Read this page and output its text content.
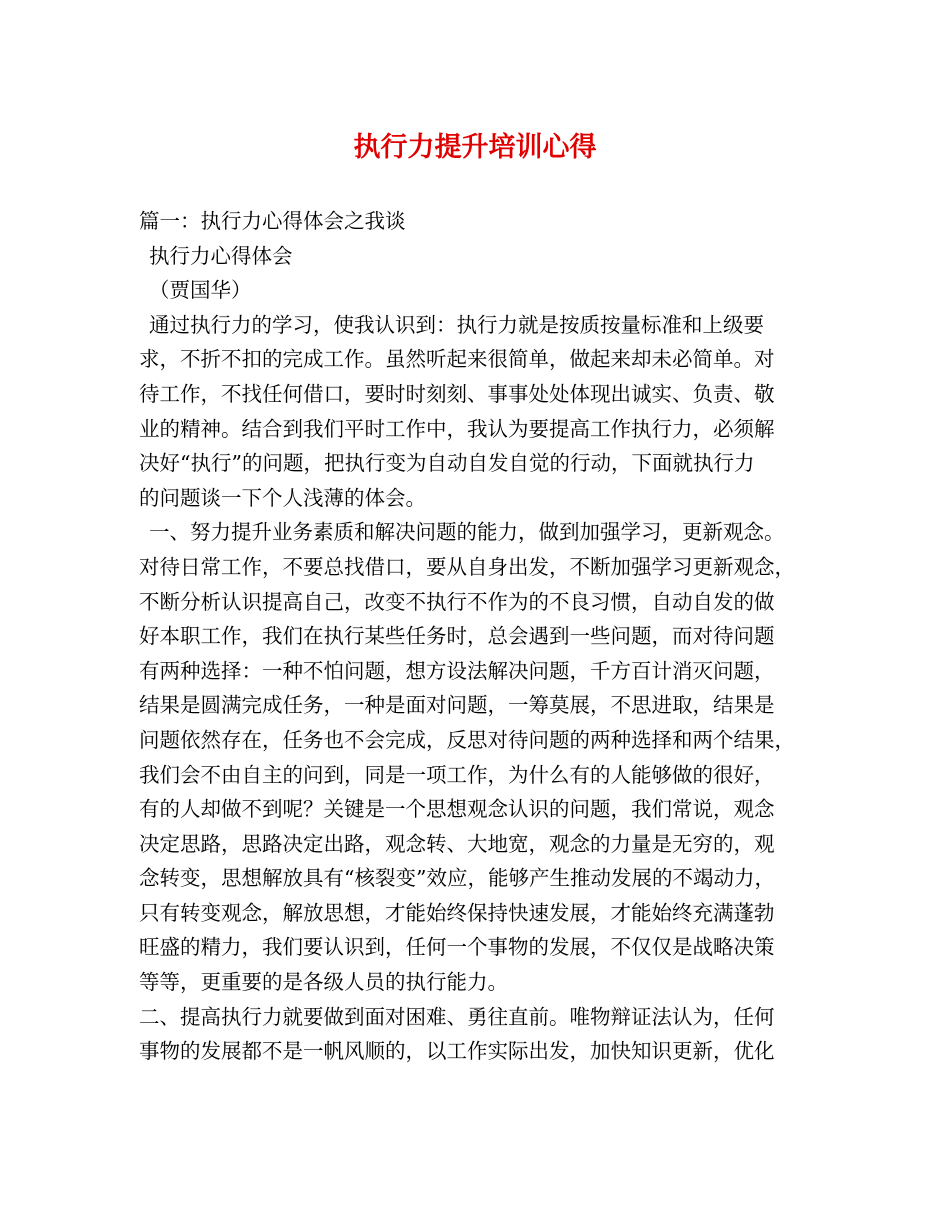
执行力提升培训心得
篇一：执行力心得体会之我谈
执行力心得体会
（贾国华）
通过执行力的学习，使我认识到：执行力就是按质按量标准和上级要
求，不折不扣的完成工作。虽然听起来很简单，做起来却未必简单。对
待工作，不找任何借口，要时时刻刻、事事处处体现出诚实、负责、敬
业的精神。结合到我们平时工作中，我认为要提高工作执行力，必须解
决好“执行”的问题，把执行变为自动自发自觉的行动，下面就执行力
的问题谈一下个人浅薄的体会。
一、努力提升业务素质和解决问题的能力，做到加强学习，更新观念。
对待日常工作，不要总找借口，要从自身出发，不断加强学习更新观念，
不断分析认识提高自己，改变不执行不作为的不良习惯，自动自发的做
好本职工作，我们在执行某些任务时，总会遇到一些问题，而对待问题
有两种选择：一种不怕问题，想方设法解决问题，千方百计消灭问题，
结果是圆满完成任务，一种是面对问题，一筹莫展，不思进取，结果是
问题依然存在，任务也不会完成，反思对待问题的两种选择和两个结果，
我们会不由自主的问到，同是一项工作，为什么有的人能够做的很好，
有的人却做不到呢？关键是一个思想观念认识的问题，我们常说，观念
决定思路，思路决定出路，观念转、大地宽，观念的力量是无穷的，观
念转变，思想解放具有“核裂变”效应，能够产生推动发展的不竭动力，
只有转变观念，解放思想，才能始终保持快速发展，才能始终充满蓬勃
旺盛的精力，我们要认识到，任何一个事物的发展，不仅仅是战略决策
等等，更重要的是各级人员的执行能力。
二、提高执行力就要做到面对困难、勇往直前。唯物辩证法认为，任何
事物的发展都不是一帆风顺的，以工作实际出发，加快知识更新，优化
